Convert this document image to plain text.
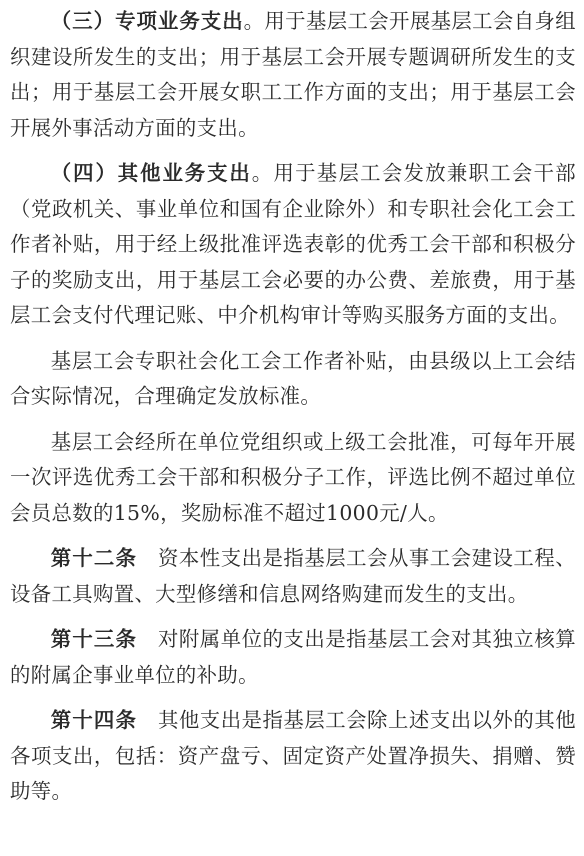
（三）专项业务支出。用于基层工会开展基层工会自身组织建设所发生的支出；用于基层工会开展专题调研所发生的支出；用于基层工会开展女职工工作方面的支出；用于基层工会开展外事活动方面的支出。

（四）其他业务支出。用于基层工会发放兼职工会干部（党政机关、事业单位和国有企业除外）和专职社会化工会工作者补贴，用于经上级批准评选表彰的优秀工会干部和积极分子的奖励支出，用于基层工会必要的办公费、差旅费，用于基层工会支付代理记账、中介机构审计等购买服务方面的支出。

基层工会专职社会化工会工作者补贴，由县级以上工会结合实际情况，合理确定发放标准。

基层工会经所在单位党组织或上级工会批准，可每年开展一次评选优秀工会干部和积极分子工作，评选比例不超过单位会员总数的15%，奖励标准不超过1000元/人。

第十二条　资本性支出是指基层工会从事工会建设工程、设备工具购置、大型修缮和信息网络购建而发生的支出。

第十三条　对附属单位的支出是指基层工会对其独立核算的附属企事业单位的补助。

第十四条　其他支出是指基层工会除上述支出以外的其他各项支出，包括：资产盘亏、固定资产处置净损失、捐赠、赞助等。
